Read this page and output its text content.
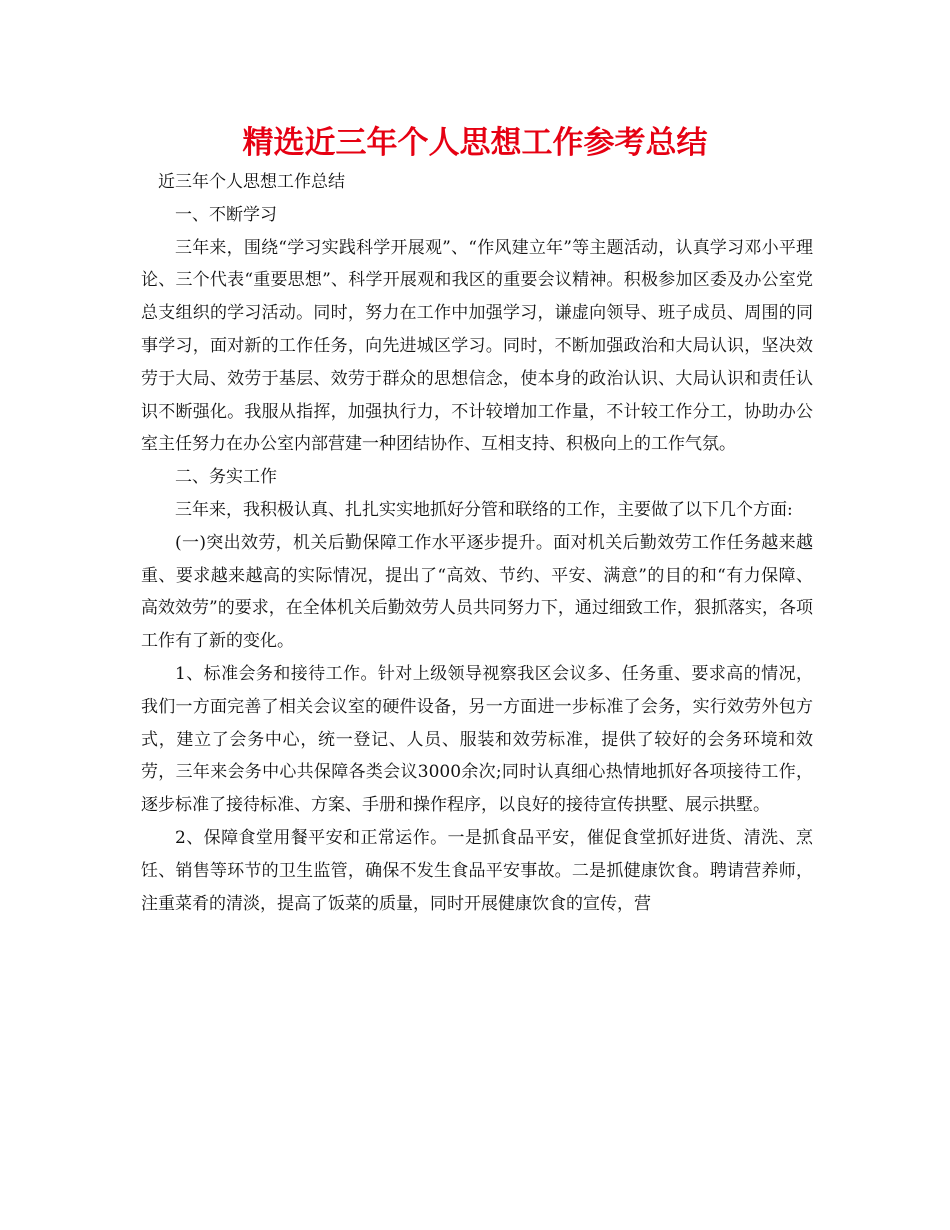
精选近三年个人思想工作参考总结

近三年个人思想工作总结

一、不断学习

三年来，围绕“学习实践科学开展观”、“作风建立年”等主题活动，认真学习邓小平理论、三个代表“重要思想”、科学开展观和我区的重要会议精神。积极参加区委及办公室党总支组织的学习活动。同时，努力在工作中加强学习，谦虚向领导、班子成员、周围的同事学习，面对新的工作任务，向先进城区学习。同时，不断加强政治和大局认识，坚决效劳于大局、效劳于基层、效劳于群众的思想信念，使本身的政治认识、大局认识和责任认识不断强化。我服从指挥，加强执行力，不计较增加工作量，不计较工作分工，协助办公室主任努力在办公室内部营建一种团结协作、互相支持、积极向上的工作气氛。

二、务实工作

三年来，我积极认真、扎扎实实地抓好分管和联络的工作，主要做了以下几个方面:

(一)突出效劳，机关后勤保障工作水平逐步提升。面对机关后勤效劳工作任务越来越重、要求越来越高的实际情况，提出了“高效、节约、平安、满意”的目的和“有力保障、高效效劳”的要求，在全体机关后勤效劳人员共同努力下，通过细致工作，狠抓落实，各项工作有了新的变化。

1、标准会务和接待工作。针对上级领导视察我区会议多、任务重、要求高的情况，我们一方面完善了相关会议室的硬件设备，另一方面进一步标准了会务，实行效劳外包方式，建立了会务中心，统一登记、人员、服装和效劳标准，提供了较好的会务环境和效劳，三年来会务中心共保障各类会议3000余次;同时认真细心热情地抓好各项接待工作，逐步标准了接待标准、方案、手册和操作程序，以良好的接待宣传拱墅、展示拱墅。

2、保障食堂用餐平安和正常运作。一是抓食品平安，催促食堂抓好进货、清洗、烹饪、销售等环节的卫生监管，确保不发生食品平安事故。二是抓健康饮食。聘请营养师，注重菜肴的清淡，提高了饭菜的质量，同时开展健康饮食的宣传，营
